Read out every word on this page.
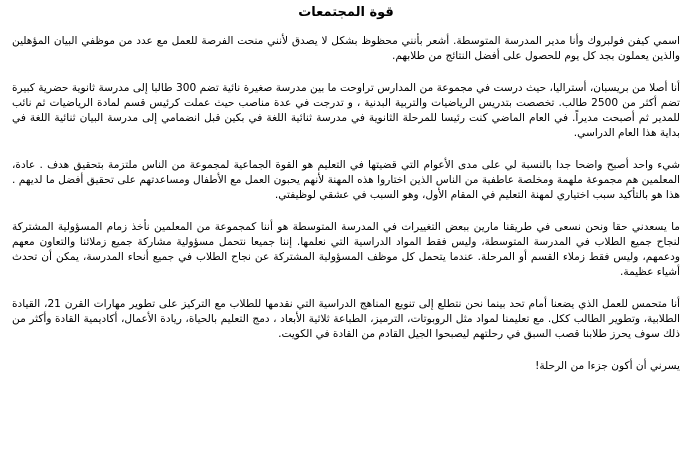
قوة المجتمعات

اسمي كيفن فولبروك وأنا مدير المدرسة المتوسطة. أشعر بأنني محظوظ بشكل لا يصدق لأنني منحت الفرصة للعمل مع عدد من موظفي البيان المؤهلين والذين يعملون بجد كل يوم للحصول على أفضل النتائج من طلابهم.

أنا أصلا من بريسبان، أستراليا، حيث درست في مجموعة من المدارس تراوحت ما بين مدرسة صغيرة نائية تضم 300 طالبا إلى مدرسة ثانوية حضرية كبيرة تضم أكثر من 2500 طالب. تخصصت بتدريس الرياضيات والتربية البدنية ، و تدرجت في عدة مناصب حيث عملت كرئيس قسم لمادة الرياضيات ثم نائب للمدير ثم أصبحت مديراً. في العام الماضي كنت رئيسا للمرحلة الثانوية في مدرسة ثنائية اللغة في بكين قبل انضمامي إلى مدرسة البيان ثنائية اللغة في بداية هذا العام الدراسي.

شيء واحد أصبح واضحا جدا بالنسبة لي على مدى الأعوام التي قضيتها في التعليم هو القوة الجماعية لمجموعة من الناس ملتزمة بتحقيق هدف . عادة، المعلمين هم مجموعة ملهمة ومخلصة عاطفية من الناس الذين اختاروا هذه المهنة لأنهم يحبون العمل مع الأطفال ومساعدتهم على تحقيق أفضل ما لديهم . هذا هو بالتأكيد سبب اختياري لمهنة التعليم في المقام الأول، وهو السبب في عشقي لوظيفتي.

ما يسعدني حقا ونحن نسعى في طريقنا مارين ببعض التغييرات في المدرسة المتوسطة هو أننا كمجموعة من المعلمين نأخذ زمام المسؤولية المشتركة لنجاح جميع الطلاب في المدرسة المتوسطة، وليس فقط المواد الدراسية التي نعلمها. إننا جميعا نتحمل مسؤولية مشاركة جميع زملائنا والتعاون معهم ودعمهم، وليس فقط زملاء القسم أو المرحلة. عندما يتحمل كل موظف المسؤولية المشتركة عن نجاح الطلاب في جميع أنحاء المدرسة، يمكن أن تحدث أشياء عظيمة.

أنا متحمس للعمل الذي يضعنا أمام تحد بينما نحن نتطلع إلى تنويع المناهج الدراسية التي نقدمها للطلاب مع التركيز على تطوير مهارات القرن 21، القيادة الطلابية، وتطوير الطالب ككل. مع تعليمنا لمواد مثل الروبوتات، الترميز، الطباعة ثلاثية الأبعاد ، دمج التعليم بالحياة، ريادة الأعمال، أكاديمية القادة وأكثر من ذلك سوف يحرز طلابنا قصب السبق في رحلتهم ليصبحوا الجيل القادم من القادة في الكويت.

يسرني أن أكون جزءا من الرحلة!
